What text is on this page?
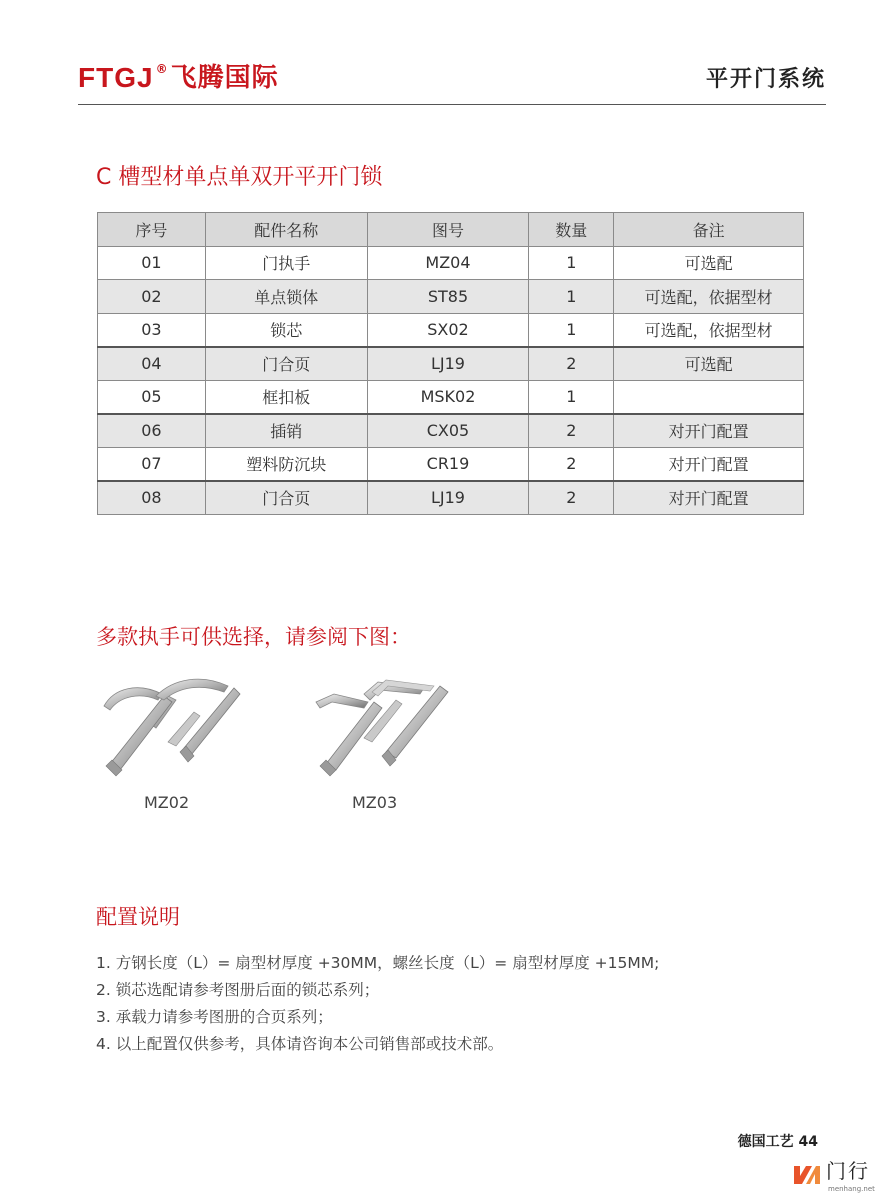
FTGJ ® 飞腾国际	平开门系统
C 槽型材单点单双开平开门锁
序号	配件名称	图号	数量	备注
01	门执手	MZ04	1	可选配
02	单点锁体	ST85	1	可选配，依据型材
03	锁芯	SX02	1	可选配，依据型材
04	门合页	LJ19	2	可选配
05	框扣板	MSK02	1	
06	插销	CX05	2	对开门配置
07	塑料防沉块	CR19	2	对开门配置
08	门合页	LJ19	2	对开门配置
多款执手可供选择，请参阅下图：
MZ02	MZ03
配置说明
1. 方钢长度（L）= 扇型材厚度 +30MM，螺丝长度（L）= 扇型材厚度 +15MM;
2. 锁芯选配请参考图册后面的锁芯系列；
3. 承载力请参考图册的合页系列；
4. 以上配置仅供参考，具体请咨询本公司销售部或技术部。
德国工艺 44
门行
menhang.net
